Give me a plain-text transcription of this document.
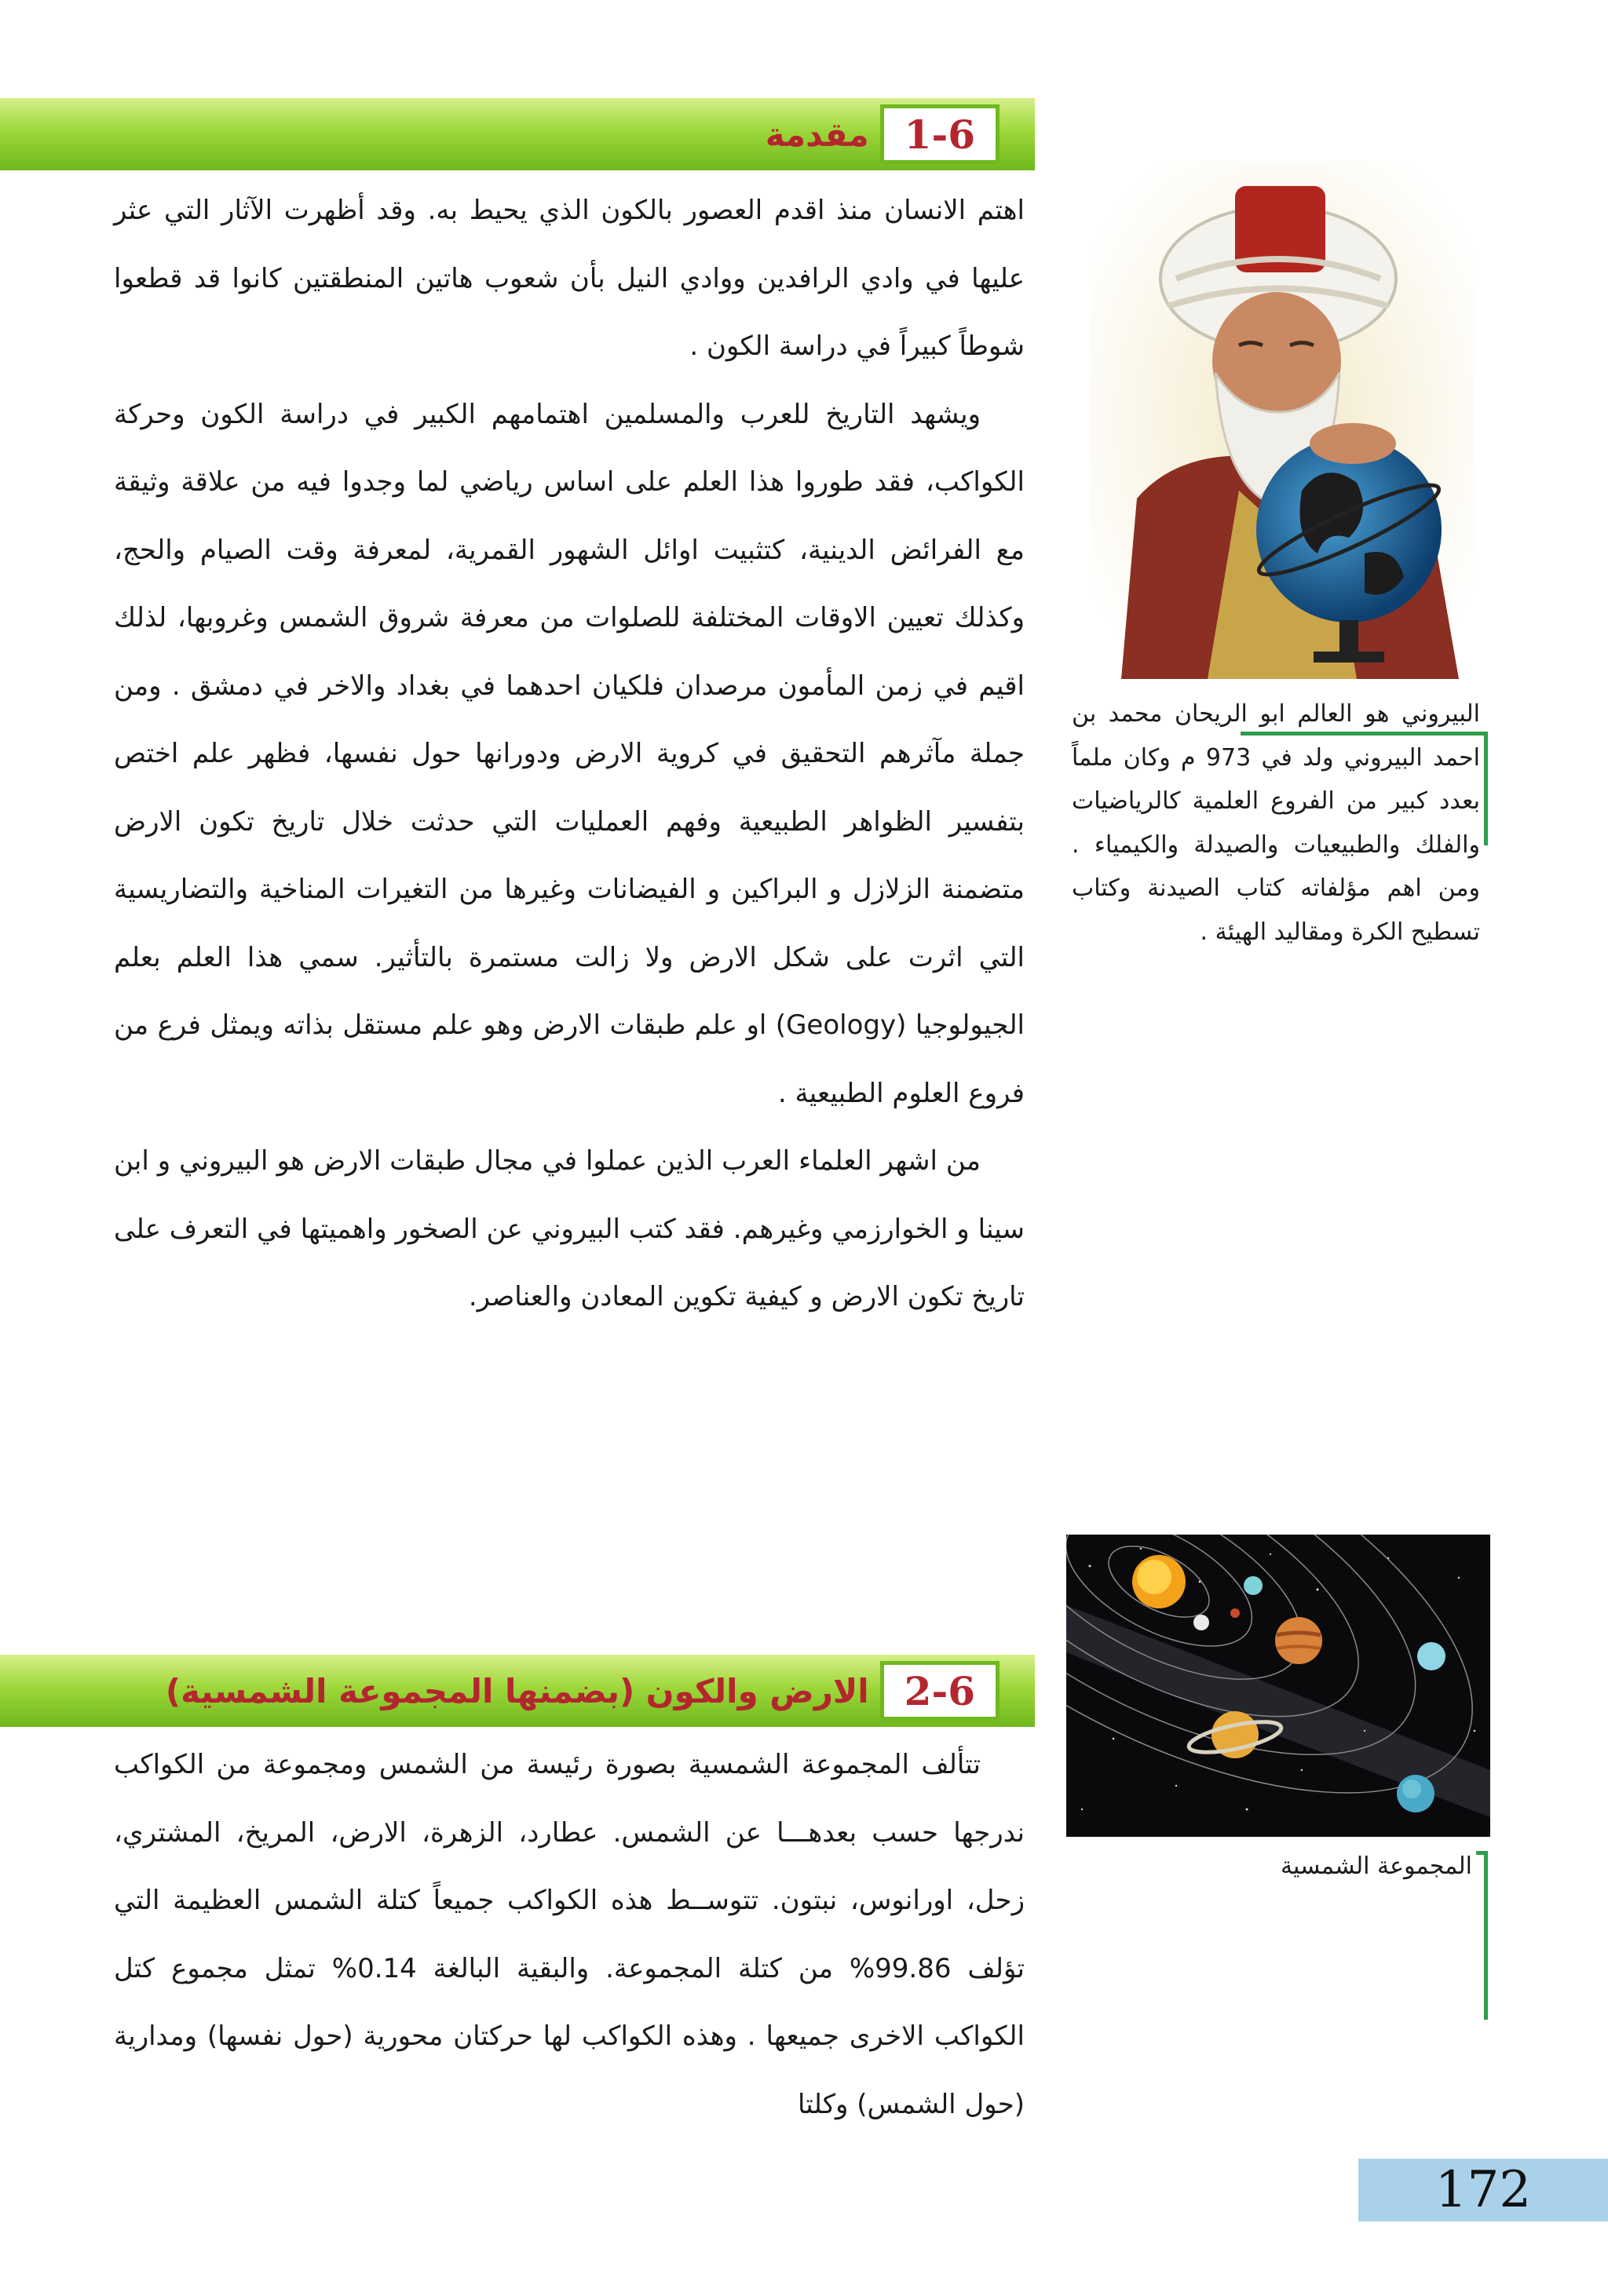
1-6
مقدمة

اهتم الانسان منذ اقدم العصور بالكون الذي يحيط به. وقد أظهرت الآثار التي عثر عليها في وادي الرافدين ووادي النيل بأن شعوب هاتين المنطقتين كانوا قد قطعوا شوطاً كبيراً في دراسة الكون .

ويشهد التاريخ للعرب والمسلمين اهتمامهم الكبير في دراسة الكون وحركة الكواكب، فقد طوروا هذا العلم على اساس رياضي لما وجدوا فيه من علاقة وثيقة مع الفرائض الدينية، كتثبيت اوائل الشهور القمرية، لمعرفة وقت الصيام والحج، وكذلك تعيين الاوقات المختلفة للصلوات من معرفة شروق الشمس وغروبها، لذلك اقيم في زمن المأمون مرصدان فلكيان احدهما في بغداد والاخر في دمشق . ومن جملة مآثرهم التحقيق في كروية الارض ودورانها حول نفسها، فظهر علم اختص بتفسير الظواهر الطبيعية وفهم العمليات التي حدثت خلال تاريخ تكون الارض متضمنة الزلازل و البراكين و الفيضانات وغيرها من التغيرات المناخية والتضاريسية التي اثرت على شكل الارض ولا زالت مستمرة بالتأثير. سمي هذا العلم بعلم الجيولوجيا (Geology) او علم طبقات الارض وهو علم مستقل بذاته ويمثل فرع من فروع العلوم الطبيعية .

من اشهر العلماء العرب الذين عملوا في مجال طبقات الارض هو البيروني و ابن سينا و الخوارزمي وغيرهم. فقد كتب البيروني عن الصخور واهميتها في التعرف على تاريخ تكون الارض و كيفية تكوين المعادن والعناصر.

البيروني هو العالم ابو الريحان محمد بن احمد البيروني ولد في 973 م وكان ملماً بعدد كبير من الفروع العلمية كالرياضيات والفلك والطبيعيات والصيدلة والكيمياء . ومن اهم مؤلفاته كتاب الصيدنة وكتاب تسطيح الكرة ومقاليد الهيئة .
المجموعة الشمسية
2-6
الارض والكون (بضمنها المجموعة الشمسية)

تتألف المجموعة الشمسية بصورة رئيسة من الشمس ومجموعة من الكواكب ندرجها حسب بعدهـــا عن الشمس. عطارد، الزهرة، الارض، المريخ، المشتري، زحل، اورانوس، نبتون. تتوســط هذه الكواكب جميعاً كتلة الشمس العظيمة التي تؤلف 99.86% من كتلة المجموعة. والبقية البالغة 0.14% تمثل مجموع كتل الكواكب الاخرى جميعها . وهذه الكواكب لها حركتان محورية (حول نفسها) ومدارية (حول الشمس) وكلتا

172
